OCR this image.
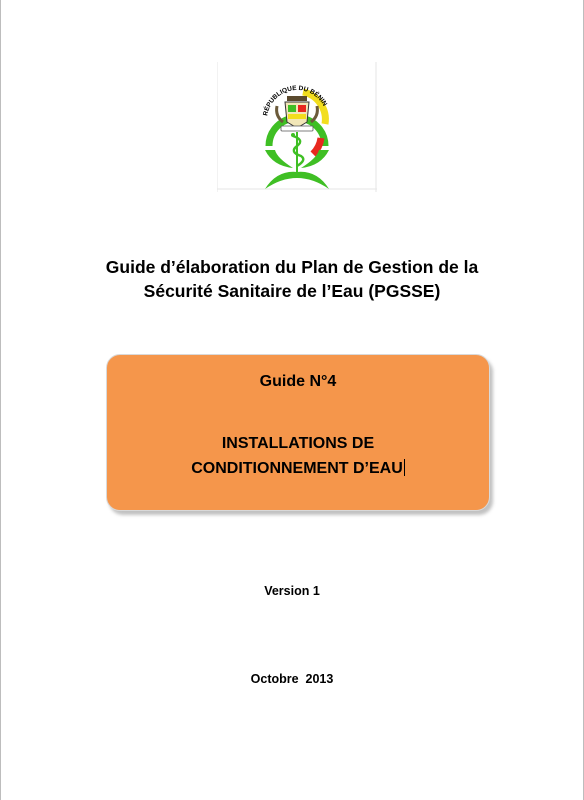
RÉPUBLIQUE DU BÉNIN
Guide d’élaboration du Plan de Gestion de la
Sécurité Sanitaire de l’Eau (PGSSE)
Guide N°4
INSTALLATIONS DE
CONDITIONNEMENT D’EAU
Version 1
Octobre  2013
